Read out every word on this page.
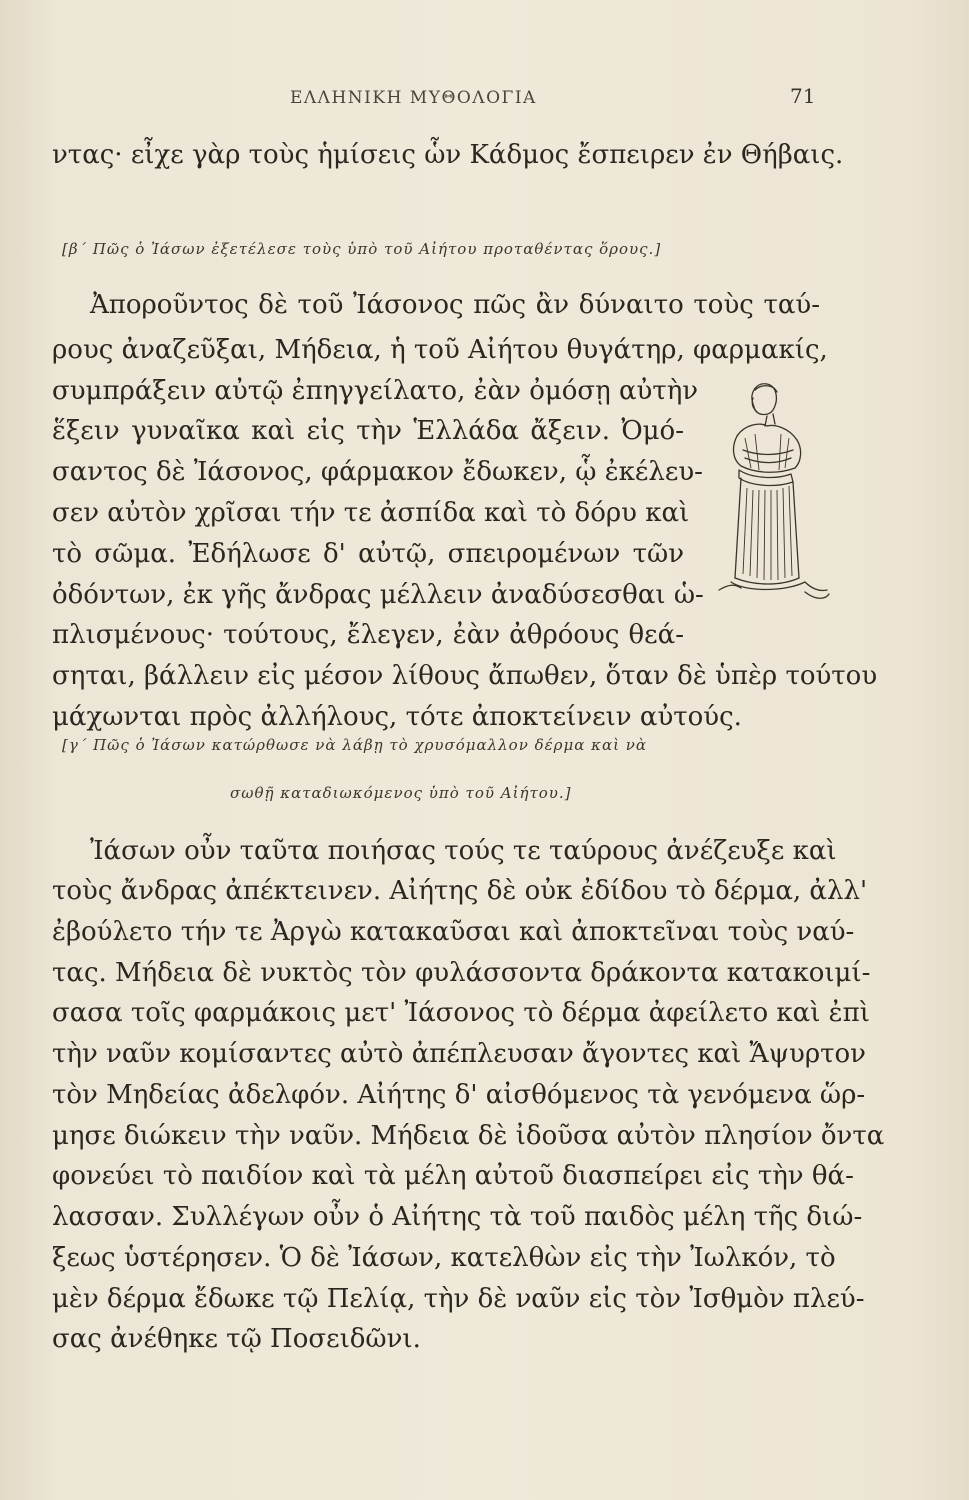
ΕΛΛΗΝΙΚΗ ΜΥΘΟΛΟΓΙΑ	71
ντας· εἶχε γὰρ τοὺς ἡμίσεις ὧν Κάδμος ἔσπειρεν ἐν Θήβαις.
[β΄ Πῶς ὁ Ἰάσων ἐξετέλεσε τοὺς ὑπὸ τοῦ Αἰήτου προταθέντας ὅρους.]
Ἀποροῦντος δὲ τοῦ Ἰάσονος πῶς ἂν δύναιτο τοὺς ταύ-
ρους ἀναζεῦξαι, Μήδεια, ἡ τοῦ Αἰήτου θυγάτηρ, φαρμακίς,
συμπράξειν αὐτῷ ἐπηγγείλατο, ἐὰν ὀμόσῃ αὐτὴν
ἕξειν γυναῖκα καὶ εἰς τὴν Ἑλλάδα ἄξειν. Ὀμό-
σαντος δὲ Ἰάσονος, φάρμακον ἔδωκεν, ᾧ ἐκέλευ-
σεν αὐτὸν χρῖσαι τήν τε ἀσπίδα καὶ τὸ δόρυ καὶ
τὸ σῶμα. Ἐδήλωσε δ' αὐτῷ, σπειρομένων τῶν
ὀδόντων, ἐκ γῆς ἄνδρας μέλλειν ἀναδύσεσθαι ὡ-
πλισμένους· τούτους, ἔλεγεν, ἐὰν ἀθρόους θεά-
σηται, βάλλειν εἰς μέσον λίθους ἄπωθεν, ὅταν δὲ ὑπὲρ τούτου
μάχωνται πρὸς ἀλλήλους, τότε ἀποκτείνειν αὐτούς.
[γ΄ Πῶς ὁ Ἰάσων κατώρθωσε νὰ λάβῃ τὸ χρυσόμαλλον δέρμα καὶ νὰ
σωθῇ καταδιωκόμενος ὑπὸ τοῦ Αἰήτου.]
Ἰάσων οὖν ταῦτα ποιήσας τούς τε ταύρους ἀνέζευξε καὶ
τοὺς ἄνδρας ἀπέκτεινεν. Αἰήτης δὲ οὐκ ἐδίδου τὸ δέρμα, ἀλλ'
ἐβούλετο τήν τε Ἀργὼ κατακαῦσαι καὶ ἀποκτεῖναι τοὺς ναύ-
τας. Μήδεια δὲ νυκτὸς τὸν φυλάσσοντα δράκοντα κατακοιμί-
σασα τοῖς φαρμάκοις μετ' Ἰάσονος τὸ δέρμα ἀφείλετο καὶ ἐπὶ
τὴν ναῦν κομίσαντες αὐτὸ ἀπέπλευσαν ἄγοντες καὶ Ἄψυρτον
τὸν Μηδείας ἀδελφόν. Αἰήτης δ' αἰσθόμενος τὰ γενόμενα ὥρ-
μησε διώκειν τὴν ναῦν. Μήδεια δὲ ἰδοῦσα αὐτὸν πλησίον ὄντα
φονεύει τὸ παιδίον καὶ τὰ μέλη αὐτοῦ διασπείρει εἰς τὴν θά-
λασσαν. Συλλέγων οὖν ὁ Αἰήτης τὰ τοῦ παιδὸς μέλη τῆς διώ-
ξεως ὑστέρησεν. Ὁ δὲ Ἰάσων, κατελθὼν εἰς τὴν Ἰωλκόν, τὸ
μὲν δέρμα ἔδωκε τῷ Πελίᾳ, τὴν δὲ ναῦν εἰς τὸν Ἰσθμὸν πλεύ-
σας ἀνέθηκε τῷ Ποσειδῶνι.
